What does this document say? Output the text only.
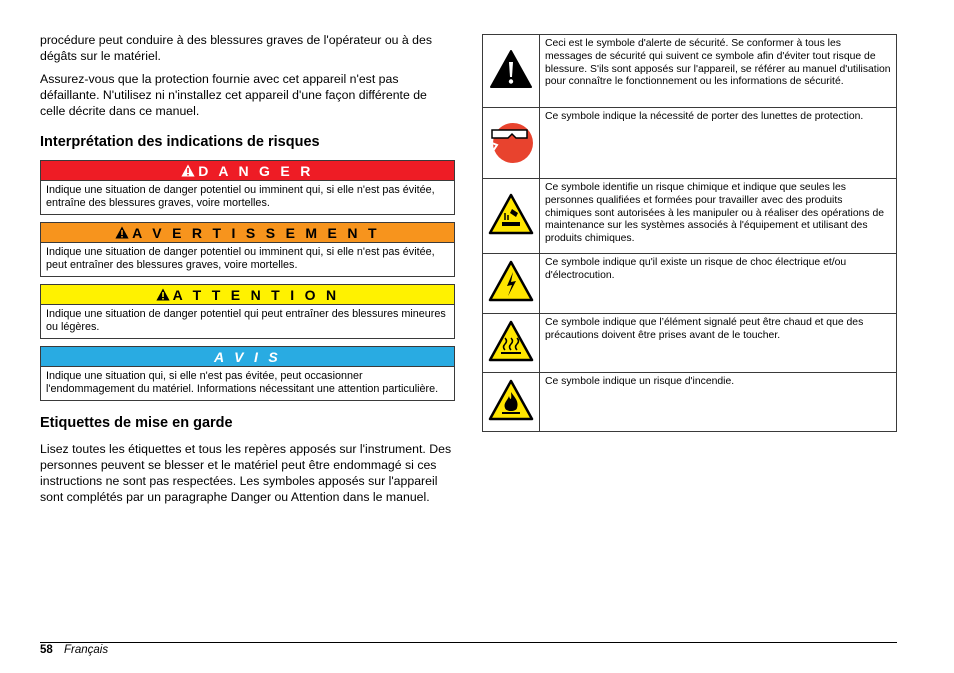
procédure peut conduire à des blessures graves de l'opérateur ou à des dégâts sur le matériel.

Assurez-vous que la protection fournie avec cet appareil n'est pas défaillante. N'utilisez ni n'installez cet appareil d'une façon différente de celle décrite dans ce manuel.

Interprétation des indications de risques
D A N G E R
Indique une situation de danger potentiel ou imminent qui, si elle n'est pas évitée, entraîne des blessures graves, voire mortelles.
A V E R T I S S E M E N T
Indique une situation de danger potentiel ou imminent qui, si elle n'est pas évitée, peut entraîner des blessures graves, voire mortelles.
A T T E N T I O N
Indique une situation de danger potentiel qui peut entraîner des blessures mineures ou légères.
A V I S
Indique une situation qui, si elle n'est pas évitée, peut occasionner l'endommagement du matériel. Informations nécessitant une attention particulière.
Etiquettes de mise en garde

Lisez toutes les étiquettes et tous les repères apposés sur l'instrument. Des personnes peuvent se blesser et le matériel peut être endommagé si ces instructions ne sont pas respectées. Les symboles apposés sur l'appareil sont complétés par un paragraphe Danger ou Attention dans le manuel.

	Ceci est le symbole d'alerte de sécurité. Se conformer à tous les messages de sécurité qui suivent ce symbole afin d'éviter tout risque de blessure. S'ils sont apposés sur l'appareil, se référer au manuel d'utilisation pour connaître le fonctionnement ou les informations de sécurité.
	Ce symbole indique la nécessité de porter des lunettes de protection.
	Ce symbole identifie un risque chimique et indique que seules les personnes qualifiées et formées pour travailler avec des produits chimiques sont autorisées à les manipuler ou à réaliser des opérations de maintenance sur les systèmes associés à l'équipement et utilisant des produits chimiques.
	Ce symbole indique qu'il existe un risque de choc électrique et/ou d'électrocution.
	Ce symbole indique que l’élément signalé peut être chaud et que des précautions doivent être prises avant de le toucher.
	Ce symbole indique un risque d'incendie.
58 Français
